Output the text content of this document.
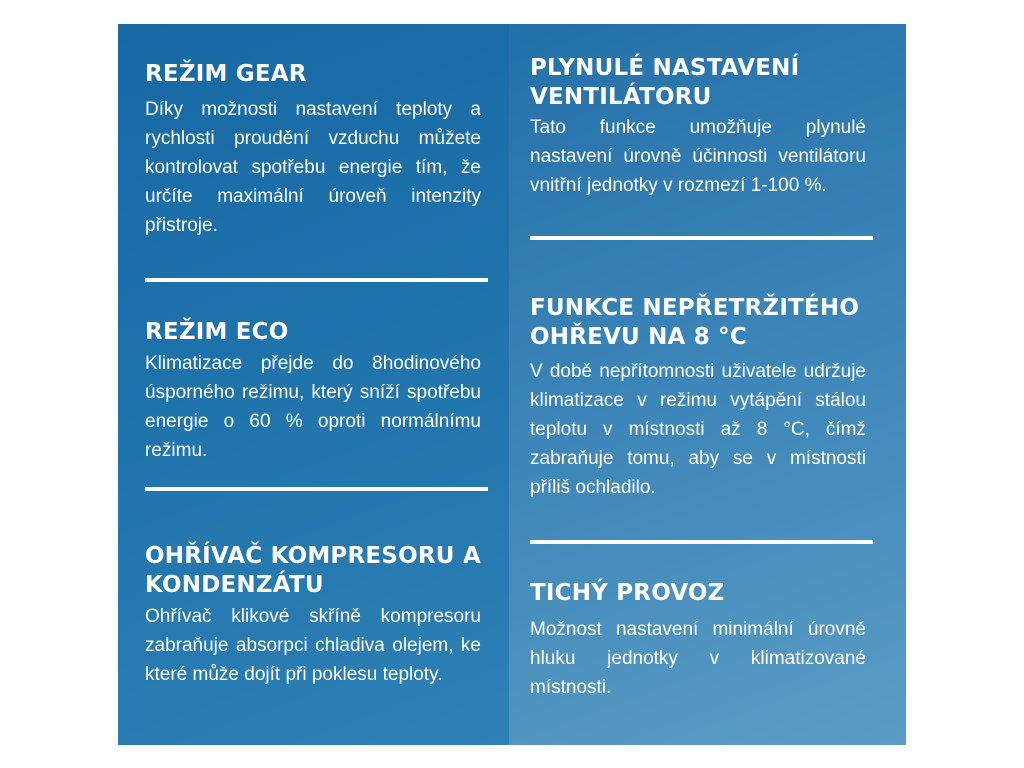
REŽIM GEAR

Díky možnosti nastavení teploty a rychlosti proudění vzduchu můžete kontrolovat spotřebu energie tím, že určíte maximální úroveň intenzity přistroje.

REŽIM ECO

Klimatizace přejde do 8hodinového úsporného režimu, který sníží spotřebu energie o 60 % oproti normálnímu režimu.

OHŘÍVAČ KOMPRESORU A KONDENZÁTU

Ohřívač klikové skříně kompresoru zabraňuje absorpci chladiva olejem, ke které může dojít při poklesu teploty.

PLYNULÉ NASTAVENÍ VENTILÁTORU

Tato funkce umožňuje plynulé nastavení úrovně účinnosti ventilátoru vnitřní jednotky v rozmezí 1-100 %.

FUNKCE NEPŘETRŽITÉHO OHŘEVU NA 8 °C

V době nepřítomnosti uživatele udržuje klimatizace v režimu vytápění stálou teplotu v místnosti až 8 °C, čímž zabraňuje tomu, aby se v místnosti příliš ochladilo.

TICHÝ PROVOZ

Možnost nastavení minimální úrovně hluku jednotky v klimatizované místnosti.
